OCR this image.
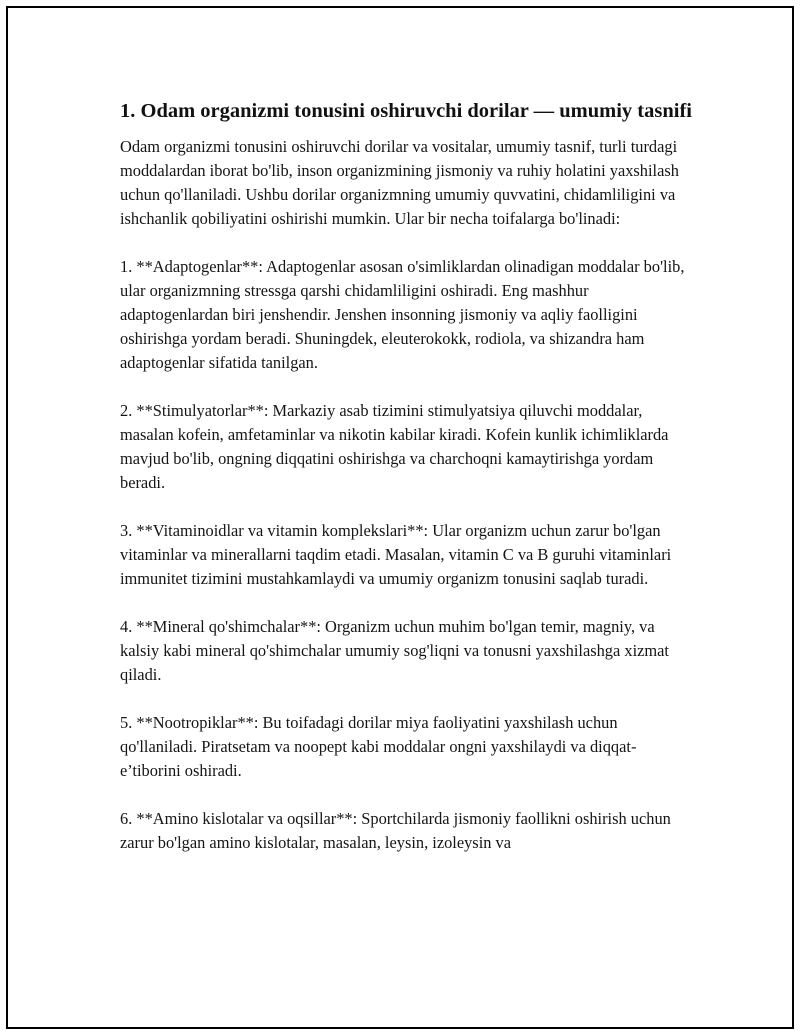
1. Odam organizmi tonusini oshiruvchi dorilar — umumiy tasnifi

Odam organizmi tonusini oshiruvchi dorilar va vositalar, umumiy tasnif, turli turdagi moddalardan iborat bo'lib, inson organizmining jismoniy va ruhiy holatini yaxshilash uchun qo'llaniladi. Ushbu dorilar organizmning umumiy quvvatini, chidamliligini va ishchanlik qobiliyatini oshirishi mumkin. Ular bir necha toifalarga bo'linadi:

1. **Adaptogenlar**: Adaptogenlar asosan o'simliklardan olinadigan moddalar bo'lib, ular organizmning stressga qarshi chidamliligini oshiradi. Eng mashhur adaptogenlardan biri jenshendir. Jenshen insonning jismoniy va aqliy faolligini oshirishga yordam beradi. Shuningdek, eleuterokokk, rodiola, va shizandra ham adaptogenlar sifatida tanilgan.

2. **Stimulyatorlar**: Markaziy asab tizimini stimulyatsiya qiluvchi moddalar, masalan kofein, amfetaminlar va nikotin kabilar kiradi. Kofein kunlik ichimliklarda mavjud bo'lib, ongning diqqatini oshirishga va charchoqni kamaytirishga yordam beradi.

3. **Vitaminoidlar va vitamin komplekslari**: Ular organizm uchun zarur bo'lgan vitaminlar va minerallarni taqdim etadi. Masalan, vitamin C va B guruhi vitaminlari immunitet tizimini mustahkamlaydi va umumiy organizm tonusini saqlab turadi.

4. **Mineral qo'shimchalar**: Organizm uchun muhim bo'lgan temir, magniy, va kalsiy kabi mineral qo'shimchalar umumiy sog'liqni va tonusni yaxshilashga xizmat qiladi.

5. **Nootropiklar**: Bu toifadagi dorilar miya faoliyatini yaxshilash uchun qo'llaniladi. Piratsetam va noopept kabi moddalar ongni yaxshilaydi va diqqat-e’tiborini oshiradi.

6. **Amino kislotalar va oqsillar**: Sportchilarda jismoniy faollikni oshirish uchun zarur bo'lgan amino kislotalar, masalan, leysin, izoleysin va
